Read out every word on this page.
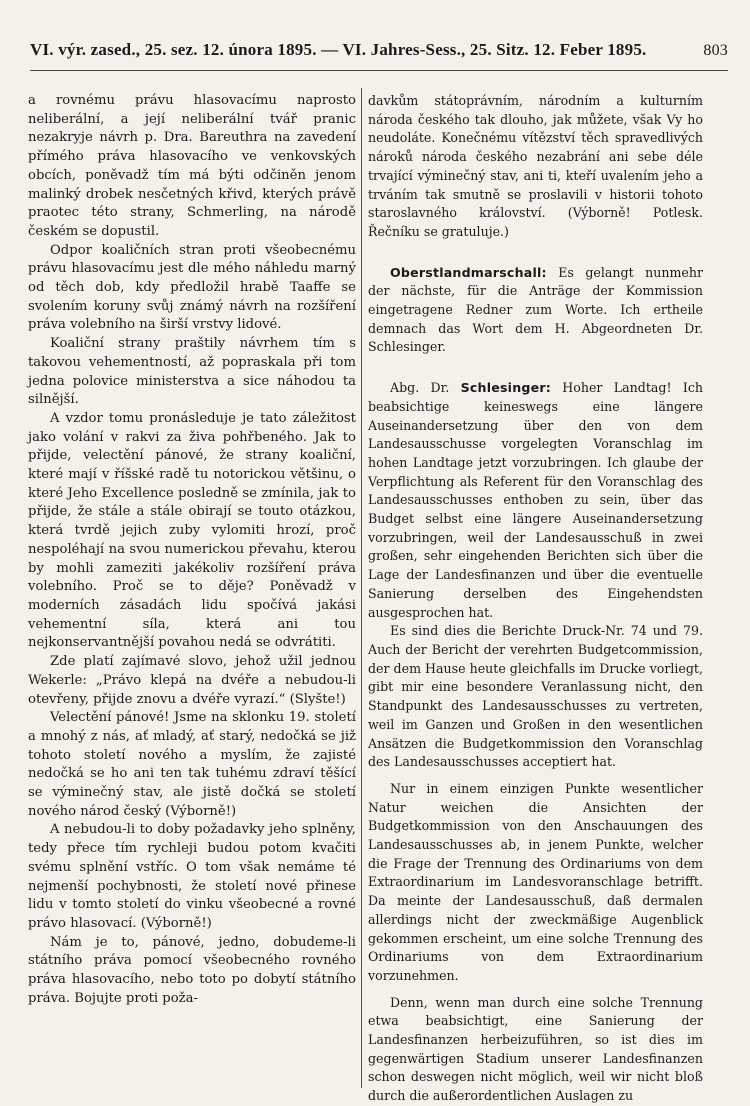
VI. výr. zased., 25. sez. 12. února 1895. — VI. Jahres-Sess., 25. Sitz. 12. Feber 1895.	803

a rovnému právu hlasovacímu naprosto neliberální, a její neliberální tvář pranic nezakryje návrh p. Dra. Bareuthra na zavedení přímého práva hlasovacího ve venkovských obcích, poněvadž tím má býti odčiněn jenom malinký drobek nesčetných křivd, kterých právě praotec této strany, Schmerling, na národě českém se dopustil.

Odpor koaličních stran proti všeobecnému právu hlasovacímu jest dle mého náhledu marný od těch dob, kdy předložil hrabě Taaffe se svolením koruny svůj známý návrh na rozšíření práva volebního na širší vrstvy lidové.

Koaliční strany praštily návrhem tím s takovou vehementností, až popraskala při tom jedna polovice ministerstva a sice náhodou ta silnější.

A vzdor tomu pronásleduje je tato záležitost jako volání v rakvi za živa pohřbeného. Jak to přijde, velectění pánové, že strany koaliční, které mají v říšské radě tu notorickou většinu, o které Jeho Excellence posledně se zmínila, jak to přijde, že stále a stále obirají se touto otázkou, která tvrdě jejich zuby vylomiti hrozí, proč nespoléhají na svou numerickou převahu, kterou by mohli zameziti jakékoliv rozšíření práva volebního. Proč se to děje? Poněvadž v moderních zásadách lidu spočívá jakási vehementní síla, která ani tou nejkonservantnější povahou nedá se odvrátiti.

Zde platí zajímavé slovo, jehož užil jednou Wekerle: „Právo klepá na dvéře a nebudou-li otevřeny, přijde znovu a dvéře vyrazí.“ (Slyšte!)

Velectění pánové! Jsme na sklonku 19. století a mnohý z nás, ať mladý, ať starý, nedočká se již tohoto století nového a myslím, že zajisté nedočká se ho ani ten tak tuhému zdraví těšící se výminečný stav, ale jistě dočká se století nového národ český (Výborně!)

A nebudou-li to doby požadavky jeho splněny, tedy přece tím rychleji budou potom kvačiti svému splnění vstříc. O tom však nemáme té nejmenší pochybnosti, že století nové přinese lidu v tomto století do vinku všeobecné a rovné právo hlasovací. (Výborně!)

Nám je to, pánové, jedno, dobudeme-li státního práva pomocí všeobecného rovného práva hlasovacího, nebo toto po dobytí státního práva. Bojujte proti poža-

davkům státoprávním, národním a kulturním národa českého tak dlouho, jak můžete, však Vy ho neudoláte. Konečnému vítězství těch spravedlivých nároků národa českého nezabrání ani sebe déle trvající výminečný stav, ani ti, kteří uvalením jeho a trváním tak smutně se proslavili v historii tohoto staroslavného království. (Výborně! Potlesk. Řečníku se gratuluje.)

Oberstlandmarschall: Es gelangt nunmehr der nächste, für die Anträge der Kommission eingetragene Redner zum Worte. Ich ertheile demnach das Wort dem H. Abgeordneten Dr. Schlesinger.

Abg. Dr. Schlesinger: Hoher Landtag! Ich beabsichtige keineswegs eine längere Auseinandersetzung über den von dem Landesausschusse vorgelegten Voranschlag im hohen Landtage jetzt vorzubringen. Ich glaube der Verpflichtung als Referent für den Voranschlag des Landesausschusses enthoben zu sein, über das Budget selbst eine längere Auseinandersetzung vorzubringen, weil der Landesausschuß in zwei großen, sehr eingehenden Berichten sich über die Lage der Landesfinanzen und über die eventuelle Sanierung derselben des Eingehendsten ausgesprochen hat.

Es sind dies die Berichte Druck-Nr. 74 und 79. Auch der Bericht der verehrten Budgetcommission, der dem Hause heute gleichfalls im Drucke vorliegt, gibt mir eine besondere Veranlassung nicht, den Standpunkt des Landesausschusses zu vertreten, weil im Ganzen und Großen in den wesentlichen Ansätzen die Budgetkommission den Voranschlag des Landesausschusses acceptiert hat.

Nur in einem einzigen Punkte wesentlicher Natur weichen die Ansichten der Budgetkommission von den Anschauungen des Landesausschusses ab, in jenem Punkte, welcher die Frage der Trennung des Ordinariums von dem Extraordinarium im Landesvoranschlage betrifft. Da meinte der Landesausschuß, daß dermalen allerdings nicht der zweckmäßige Augenblick gekommen erscheint, um eine solche Trennung des Ordinariums von dem Extraordinarium vorzunehmen.

Denn, wenn man durch eine solche Trennung etwa beabsichtigt, eine Sanierung der Landesfinanzen herbeizuführen, so ist dies im gegenwärtigen Stadium unserer Landesfinanzen schon deswegen nicht möglich, weil wir nicht bloß durch die außerordentlichen Auslagen zu
